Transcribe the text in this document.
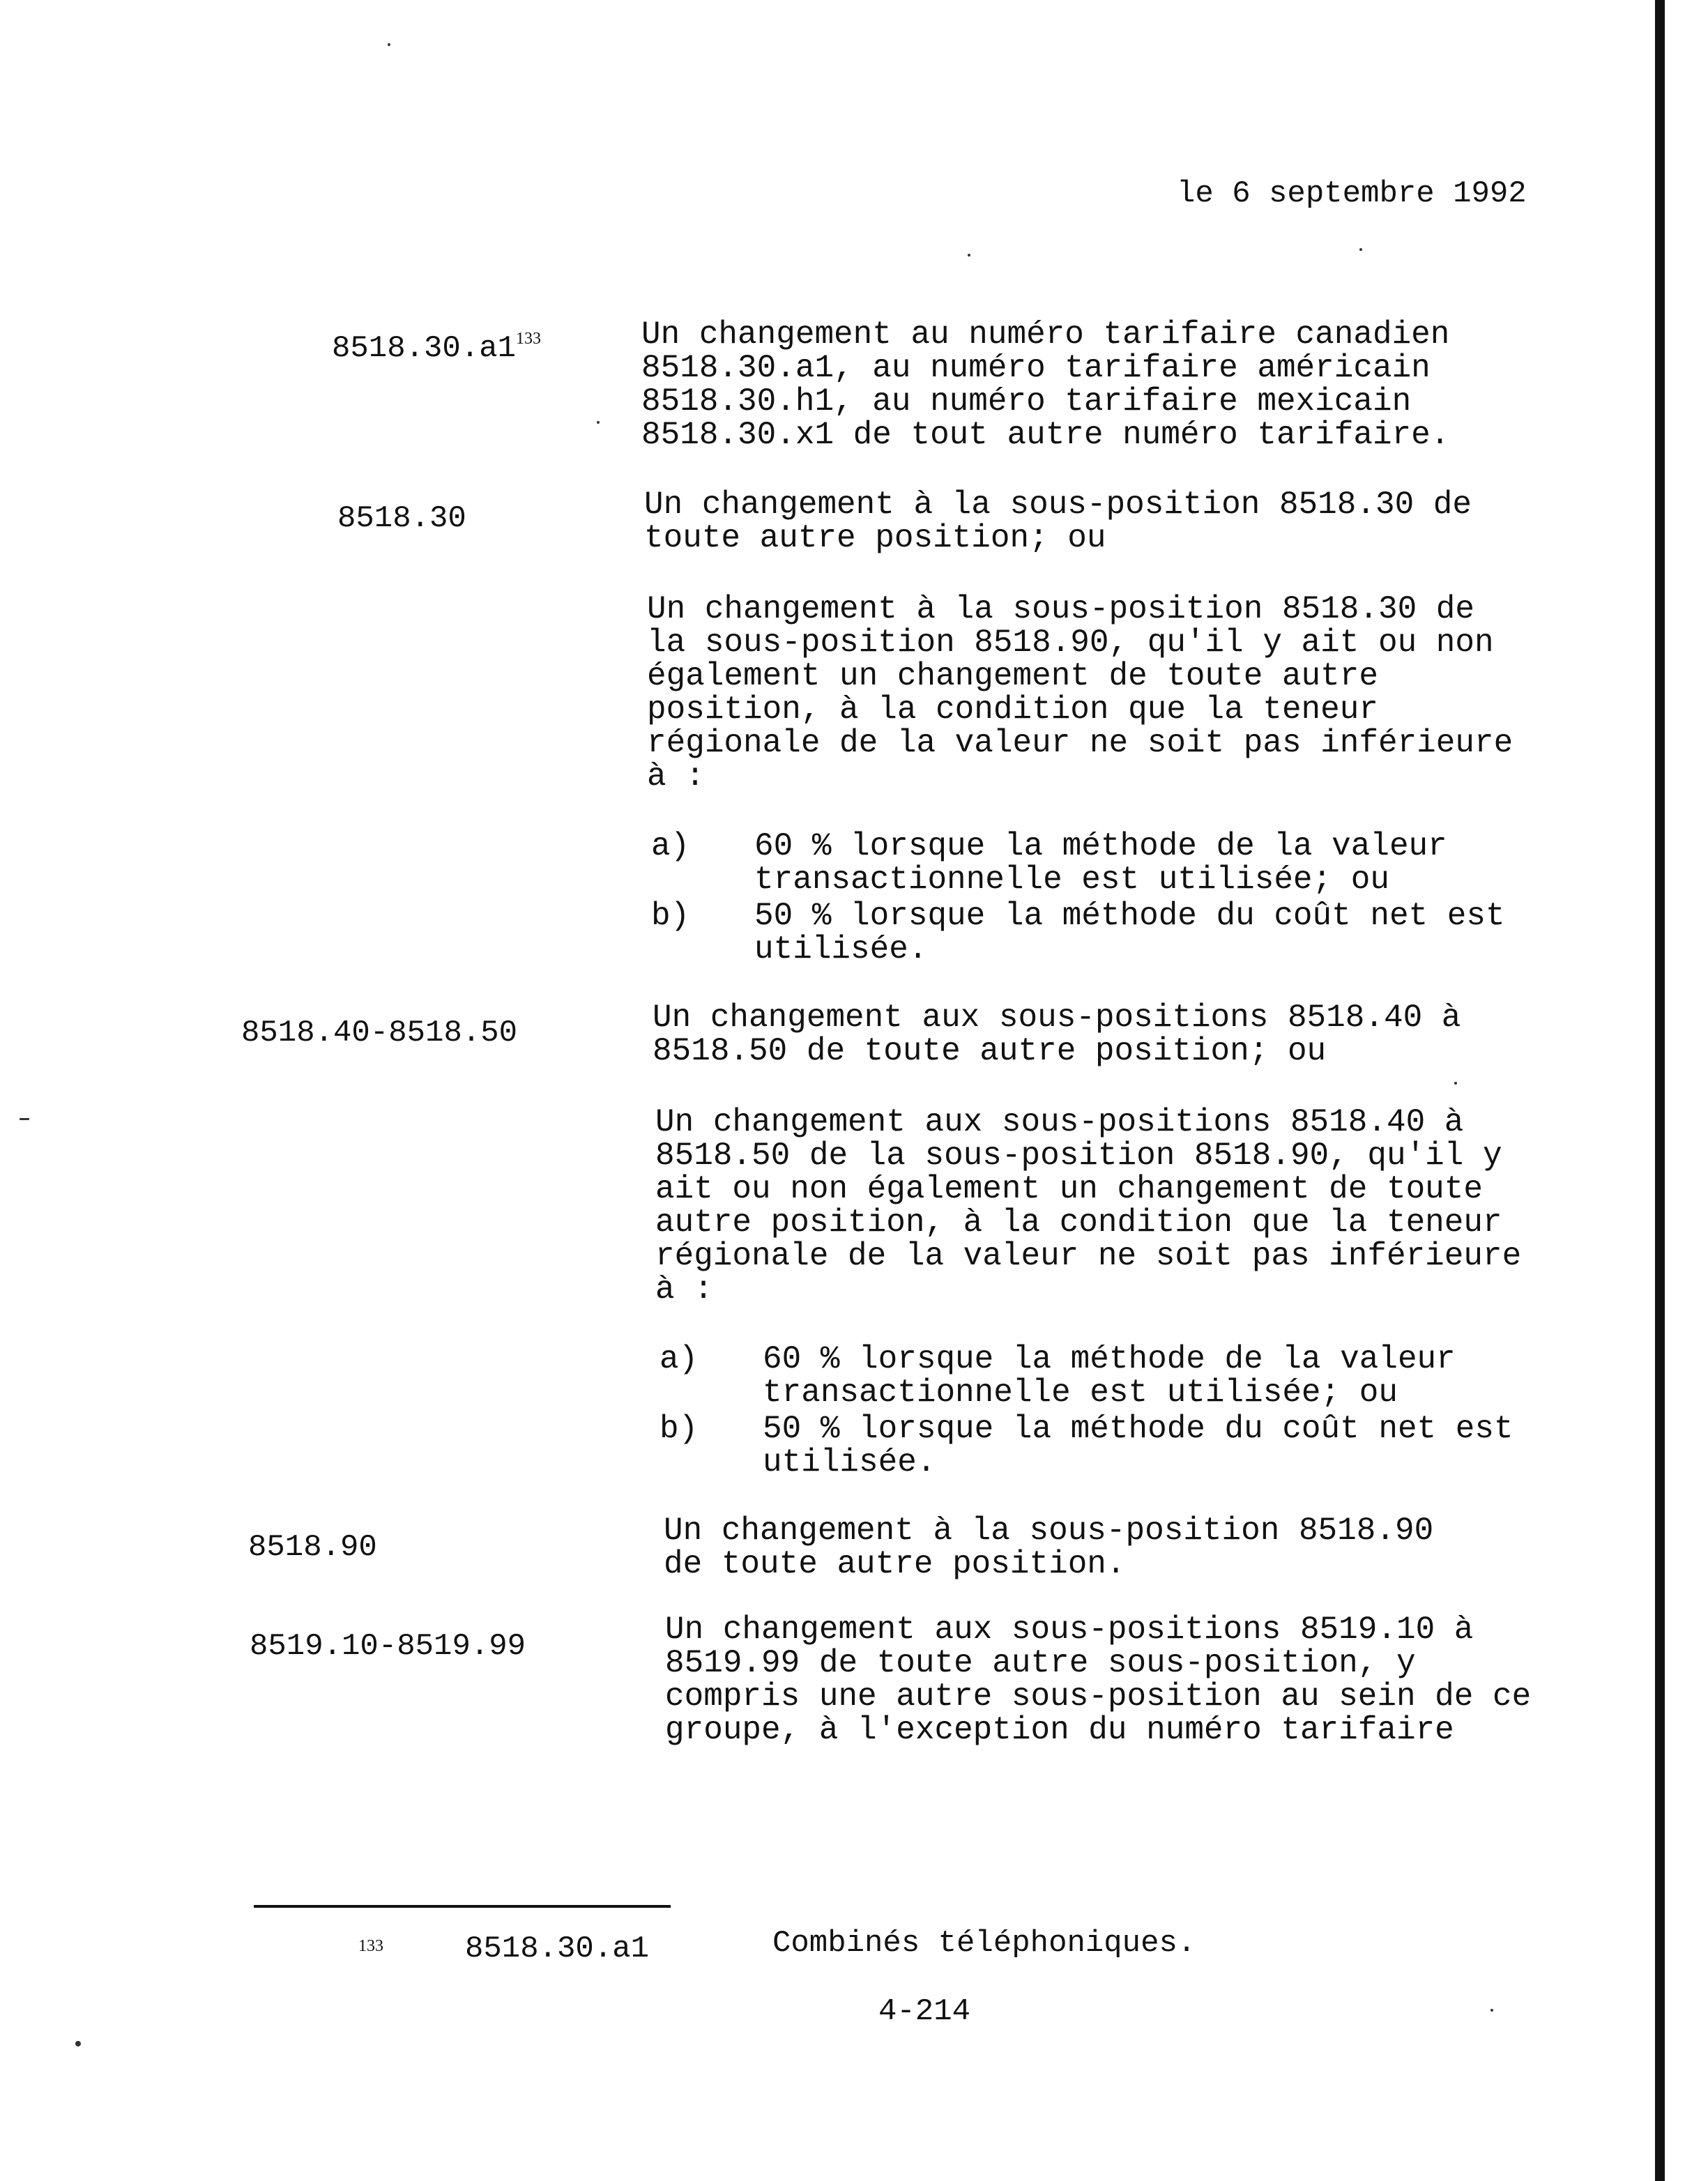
le 6 septembre 1992
$8518.30.a1^{133}$	Un changement au numéro tarifaire canadien
8518.30.a1, au numéro tarifaire américain
8518.30.h1, au numéro tarifaire mexicain
8518.30.x1 de tout autre numéro tarifaire.
8518.30	Un changement à la sous-position 8518.30 de
toute autre position; ou
Un changement à la sous-position 8518.30 de
la sous-position 8518.90, qu'il y ait ou non
également un changement de toute autre
position, à la condition que la teneur
régionale de la valeur ne soit pas inférieure
à :
a) 60 % lorsque la méthode de la valeur
transactionnelle est utilisée; ou
b) 50 % lorsque la méthode du coût net est
utilisée.
8518.40-8518.50	Un changement aux sous-positions 8518.40 à
8518.50 de toute autre position; ou
Un changement aux sous-positions 8518.40 à
8518.50 de la sous-position 8518.90, qu'il y
ait ou non également un changement de toute
autre position, à la condition que la teneur
régionale de la valeur ne soit pas inférieure
à :
a) 60 % lorsque la méthode de la valeur
transactionnelle est utilisée; ou
b) 50 % lorsque la méthode du coût net est
utilisée.
8518.90	Un changement à la sous-position 8518.90
de toute autre position.
8519.10-8519.99	Un changement aux sous-positions 8519.10 à
8519.99 de toute autre sous-position, y
compris une autre sous-position au sein de ce
groupe, à l'exception du numéro tarifaire
133	8518.30.a1	Combinés téléphoniques.
4-214
